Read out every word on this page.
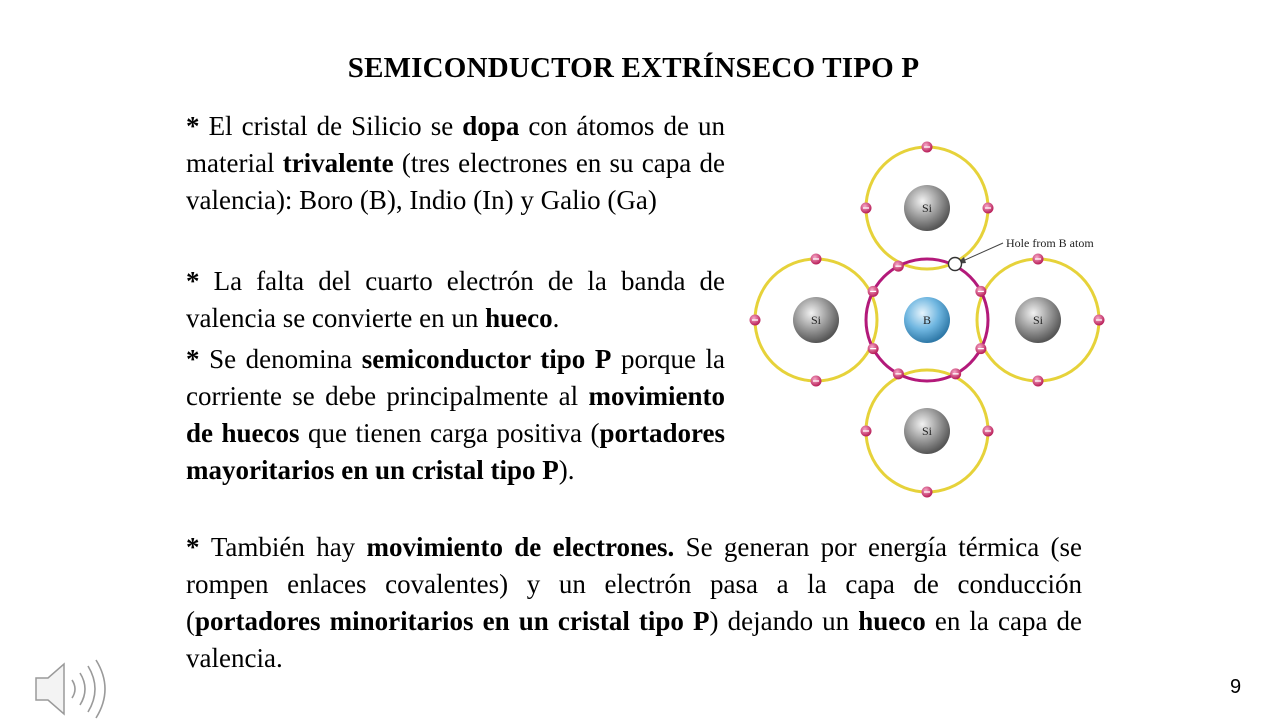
SEMICONDUCTOR EXTRÍNSECO TIPO P

* El cristal de Silicio se dopa con átomos de un material trivalente (tres electrones en su capa de valencia): Boro (B), Indio (In) y Galio (Ga)

* La falta del cuarto electrón de la banda de valencia se convierte en un hueco.

* Se denomina semiconductor tipo P porque la corriente se debe principalmente al movimiento de huecos que tienen carga positiva (portadores mayoritarios en un cristal tipo P).

* También hay movimiento de electrones. Se generan por energía térmica (se rompen enlaces covalentes) y un electrón pasa a la capa de conducción (portadores minoritarios en un cristal tipo P) dejando un hueco en la capa de valencia.

Si
Si	B	Si
Si
Hole from B atom
9
